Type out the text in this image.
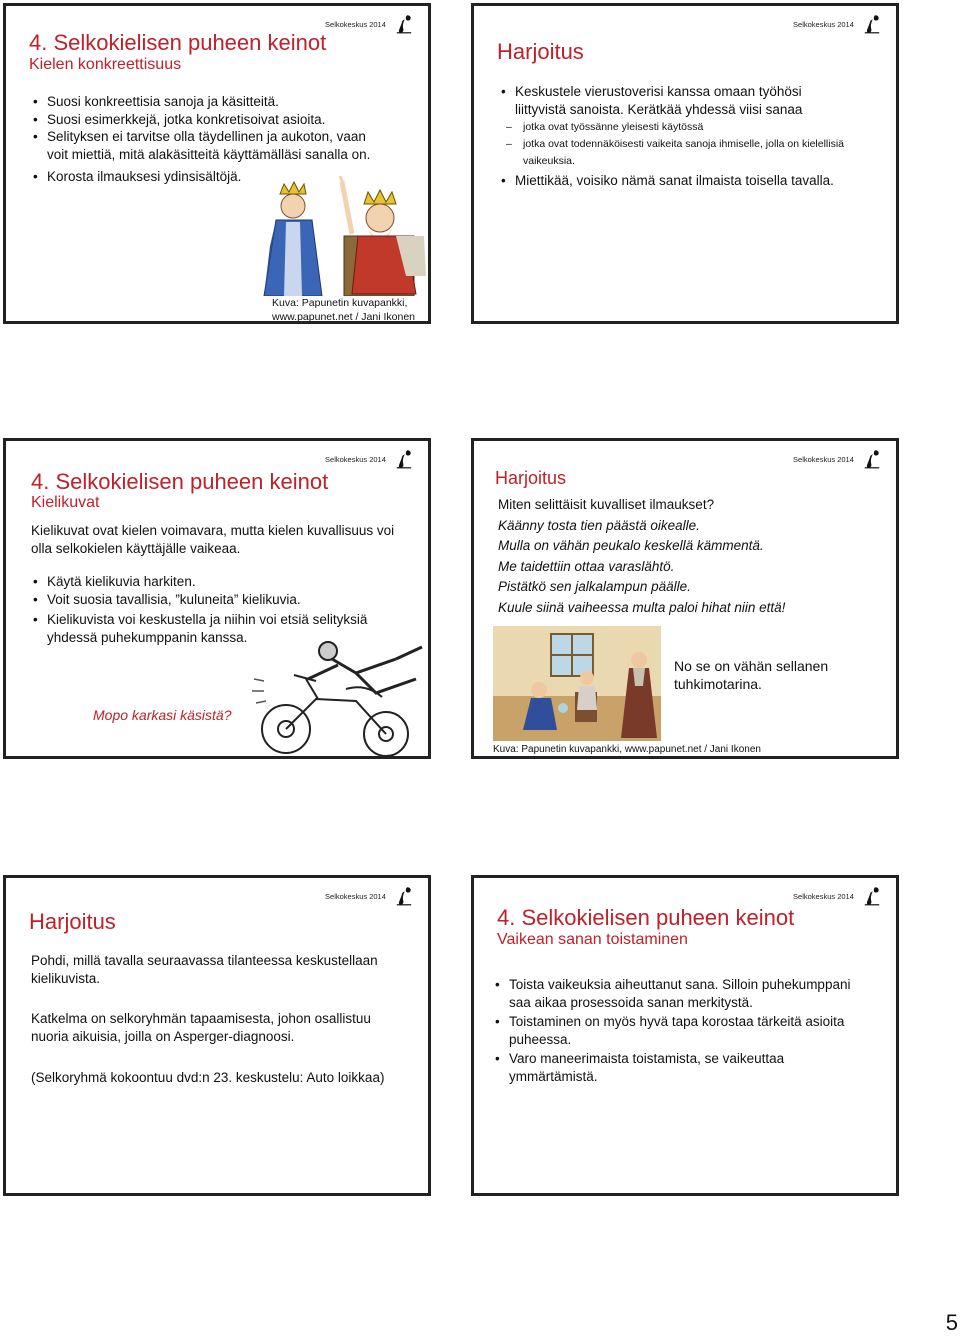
Selkokeskus 2014
4. Selkokielisen puheen keinot
Kielen konkreettisuus
• Suosi konkreettisia sanoja ja käsitteitä.
• Suosi esimerkkejä, jotka konkretisoivat asioita.
• Selityksen ei tarvitse olla täydellinen ja aukoton, vaan voit miettiä, mitä alakäsitteitä käyttämälläsi sanalla on.
• Korosta ilmauksesi ydinsisältöjä.
Kuva: Papunetin kuvapankki, www.papunet.net / Jani Ikonen
Selkokeskus 2014
Harjoitus
• Keskustele vierustoverisi kanssa omaan työhösi liittyvistä sanoista. Kerätkää yhdessä viisi sanaa
– jotka ovat työssänne yleisesti käytössä
– jotka ovat todennäköisesti vaikeita sanoja ihmiselle, jolla on kielellisiä vaikeuksia.
• Miettikää, voisiko nämä sanat ilmaista toisella tavalla.
Selkokeskus 2014
4. Selkokielisen puheen keinot
Kielikuvat
Kielikuvat ovat kielen voimavara, mutta kielen kuvallisuus voi olla selkokielen käyttäjälle vaikeaa.
• Käytä kielikuvia harkiten.
• Voit suosia tavallisia, ”kuluneita” kielikuvia.
• Kielikuvista voi keskustella ja niihin voi etsiä selityksiä yhdessä puhekumppanin kanssa.
Mopo karkasi käsistä?
Selkokeskus 2014
Harjoitus
Miten selittäisit kuvalliset ilmaukset?
Käänny tosta tien päästä oikealle.
Mulla on vähän peukalo keskellä kämmentä.
Me taidettiin ottaa varaslähtö.
Pistätkö sen jalkalampun päälle.
Kuule siinä vaiheessa multa paloi hihat niin että!
No se on vähän sellanen tuhkimotarina.
Kuva: Papunetin kuvapankki, www.papunet.net / Jani Ikonen
Selkokeskus 2014
Harjoitus
Pohdi, millä tavalla seuraavassa tilanteessa keskustellaan kielikuvista.
Katkelma on selkoryhmän tapaamisesta, johon osallistuu nuoria aikuisia, joilla on Asperger-diagnoosi.
(Selkoryhmä kokoontuu dvd:n 23. keskustelu: Auto loikkaa)
Selkokeskus 2014
4. Selkokielisen puheen keinot
Vaikean sanan toistaminen
• Toista vaikeuksia aiheuttanut sana. Silloin puhekumppani saa aikaa prosessoida sanan merkitystä.
• Toistaminen on myös hyvä tapa korostaa tärkeitä asioita puheessa.
• Varo maneerimaista toistamista, se vaikeuttaa ymmärtämistä.
5
